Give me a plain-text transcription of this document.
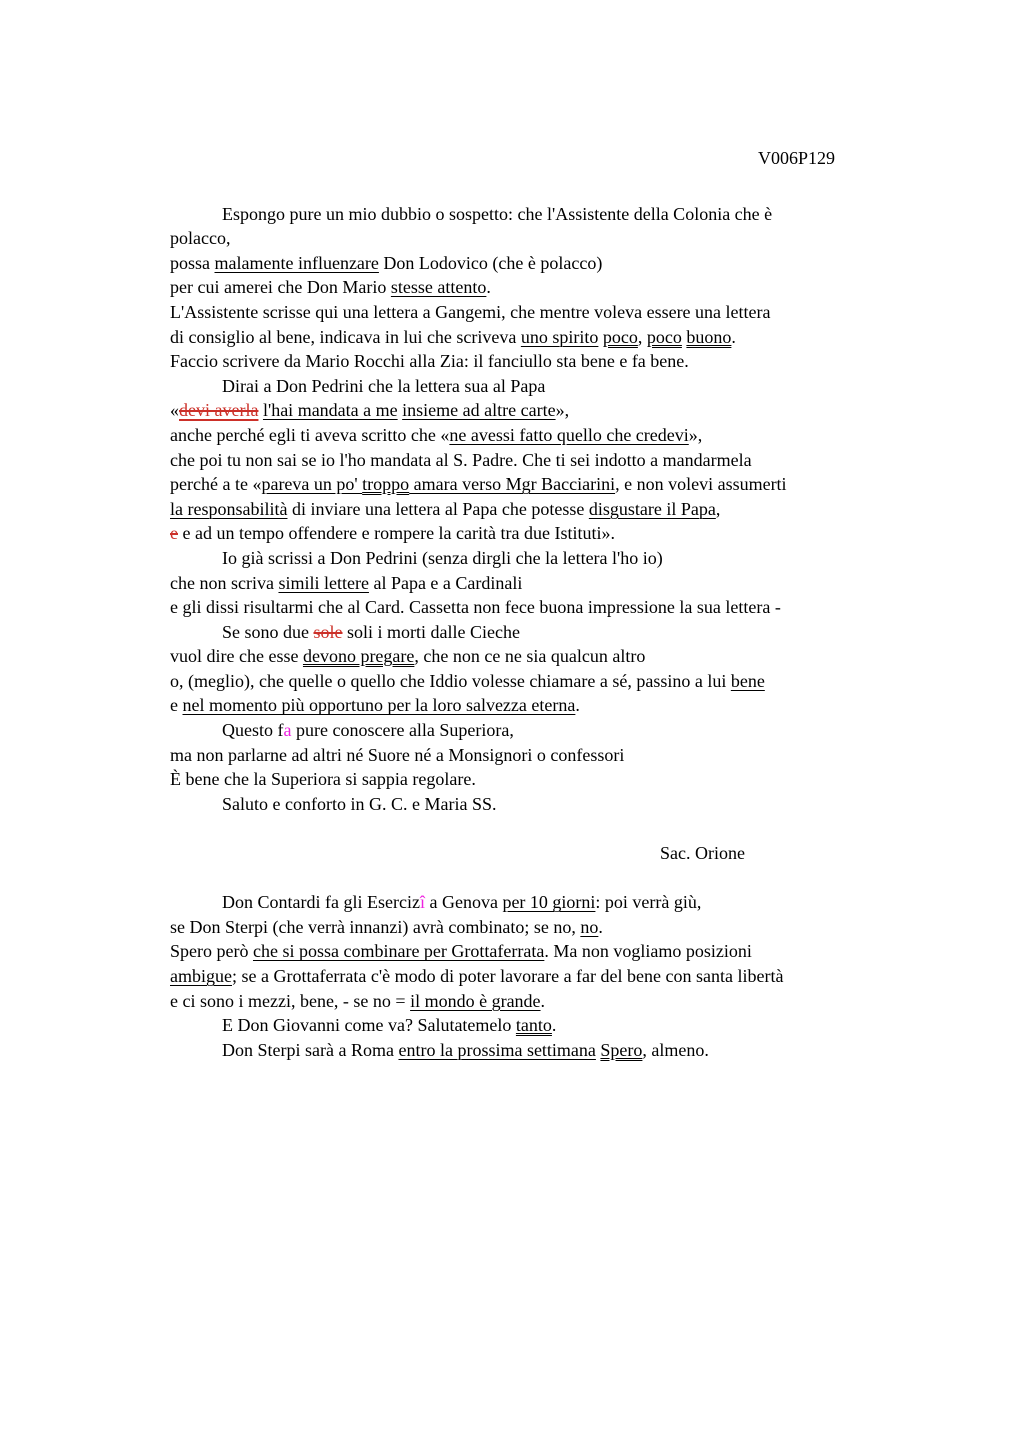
V006P129
Espongo pure un mio dubbio o sospetto: che l'Assistente della Colonia che è
polacco,
possa malamente influenzare Don Lodovico (che è polacco)
per cui amerei che Don Mario stesse attento.
L'Assistente scrisse qui una lettera a Gangemi, che mentre voleva essere una lettera
di consiglio al bene, indicava in lui che scriveva uno spirito poco, poco buono.
Faccio scrivere da Mario Rocchi alla Zia: il fanciullo sta bene e fa bene.
Dirai a Don Pedrini che la lettera sua al Papa
«devi averla l'hai mandata a me insieme ad altre carte»,
anche perché egli ti aveva scritto che «ne avessi fatto quello che credevi»,
che poi tu non sai se io l'ho mandata al S. Padre. Che ti sei indotto a mandarmela
perché a te «pareva un po' troppo amara verso Mgr Bacciarini, e non volevi assumerti
la responsabilità di inviare una lettera al Papa che potesse disgustare il Papa,
e e ad un tempo offendere e rompere la carità tra due Istituti».
Io già scrissi a Don Pedrini (senza dirgli che la lettera l'ho io)
che non scriva simili lettere al Papa e a Cardinali
e gli dissi risultarmi che al Card. Cassetta non fece buona impressione la sua lettera -
Se sono due sole soli i morti dalle Cieche
vuol dire che esse devono pregare, che non ce ne sia qualcun altro
o, (meglio), che quelle o quello che Iddio volesse chiamare a sé, passino a lui bene
e nel momento più opportuno per la loro salvezza eterna.
Questo fa pure conoscere alla Superiora,
ma non parlarne ad altri né Suore né a Monsignori o confessori
È bene che la Superiora si sappia regolare.
Saluto e conforto in G. C. e Maria SS.
Sac. Orione
Don Contardi fa gli Esercizî a Genova per 10 giorni: poi verrà giù,
se Don Sterpi (che verrà innanzi) avrà combinato; se no, no.
Spero però che si possa combinare per Grottaferrata. Ma non vogliamo posizioni
ambigue; se a Grottaferrata c'è modo di poter lavorare a far del bene con santa libertà
e ci sono i mezzi, bene, - se no = il mondo è grande.
E Don Giovanni come va? Salutatemelo tanto.
Don Sterpi sarà a Roma entro la prossima settimana Spero, almeno.
